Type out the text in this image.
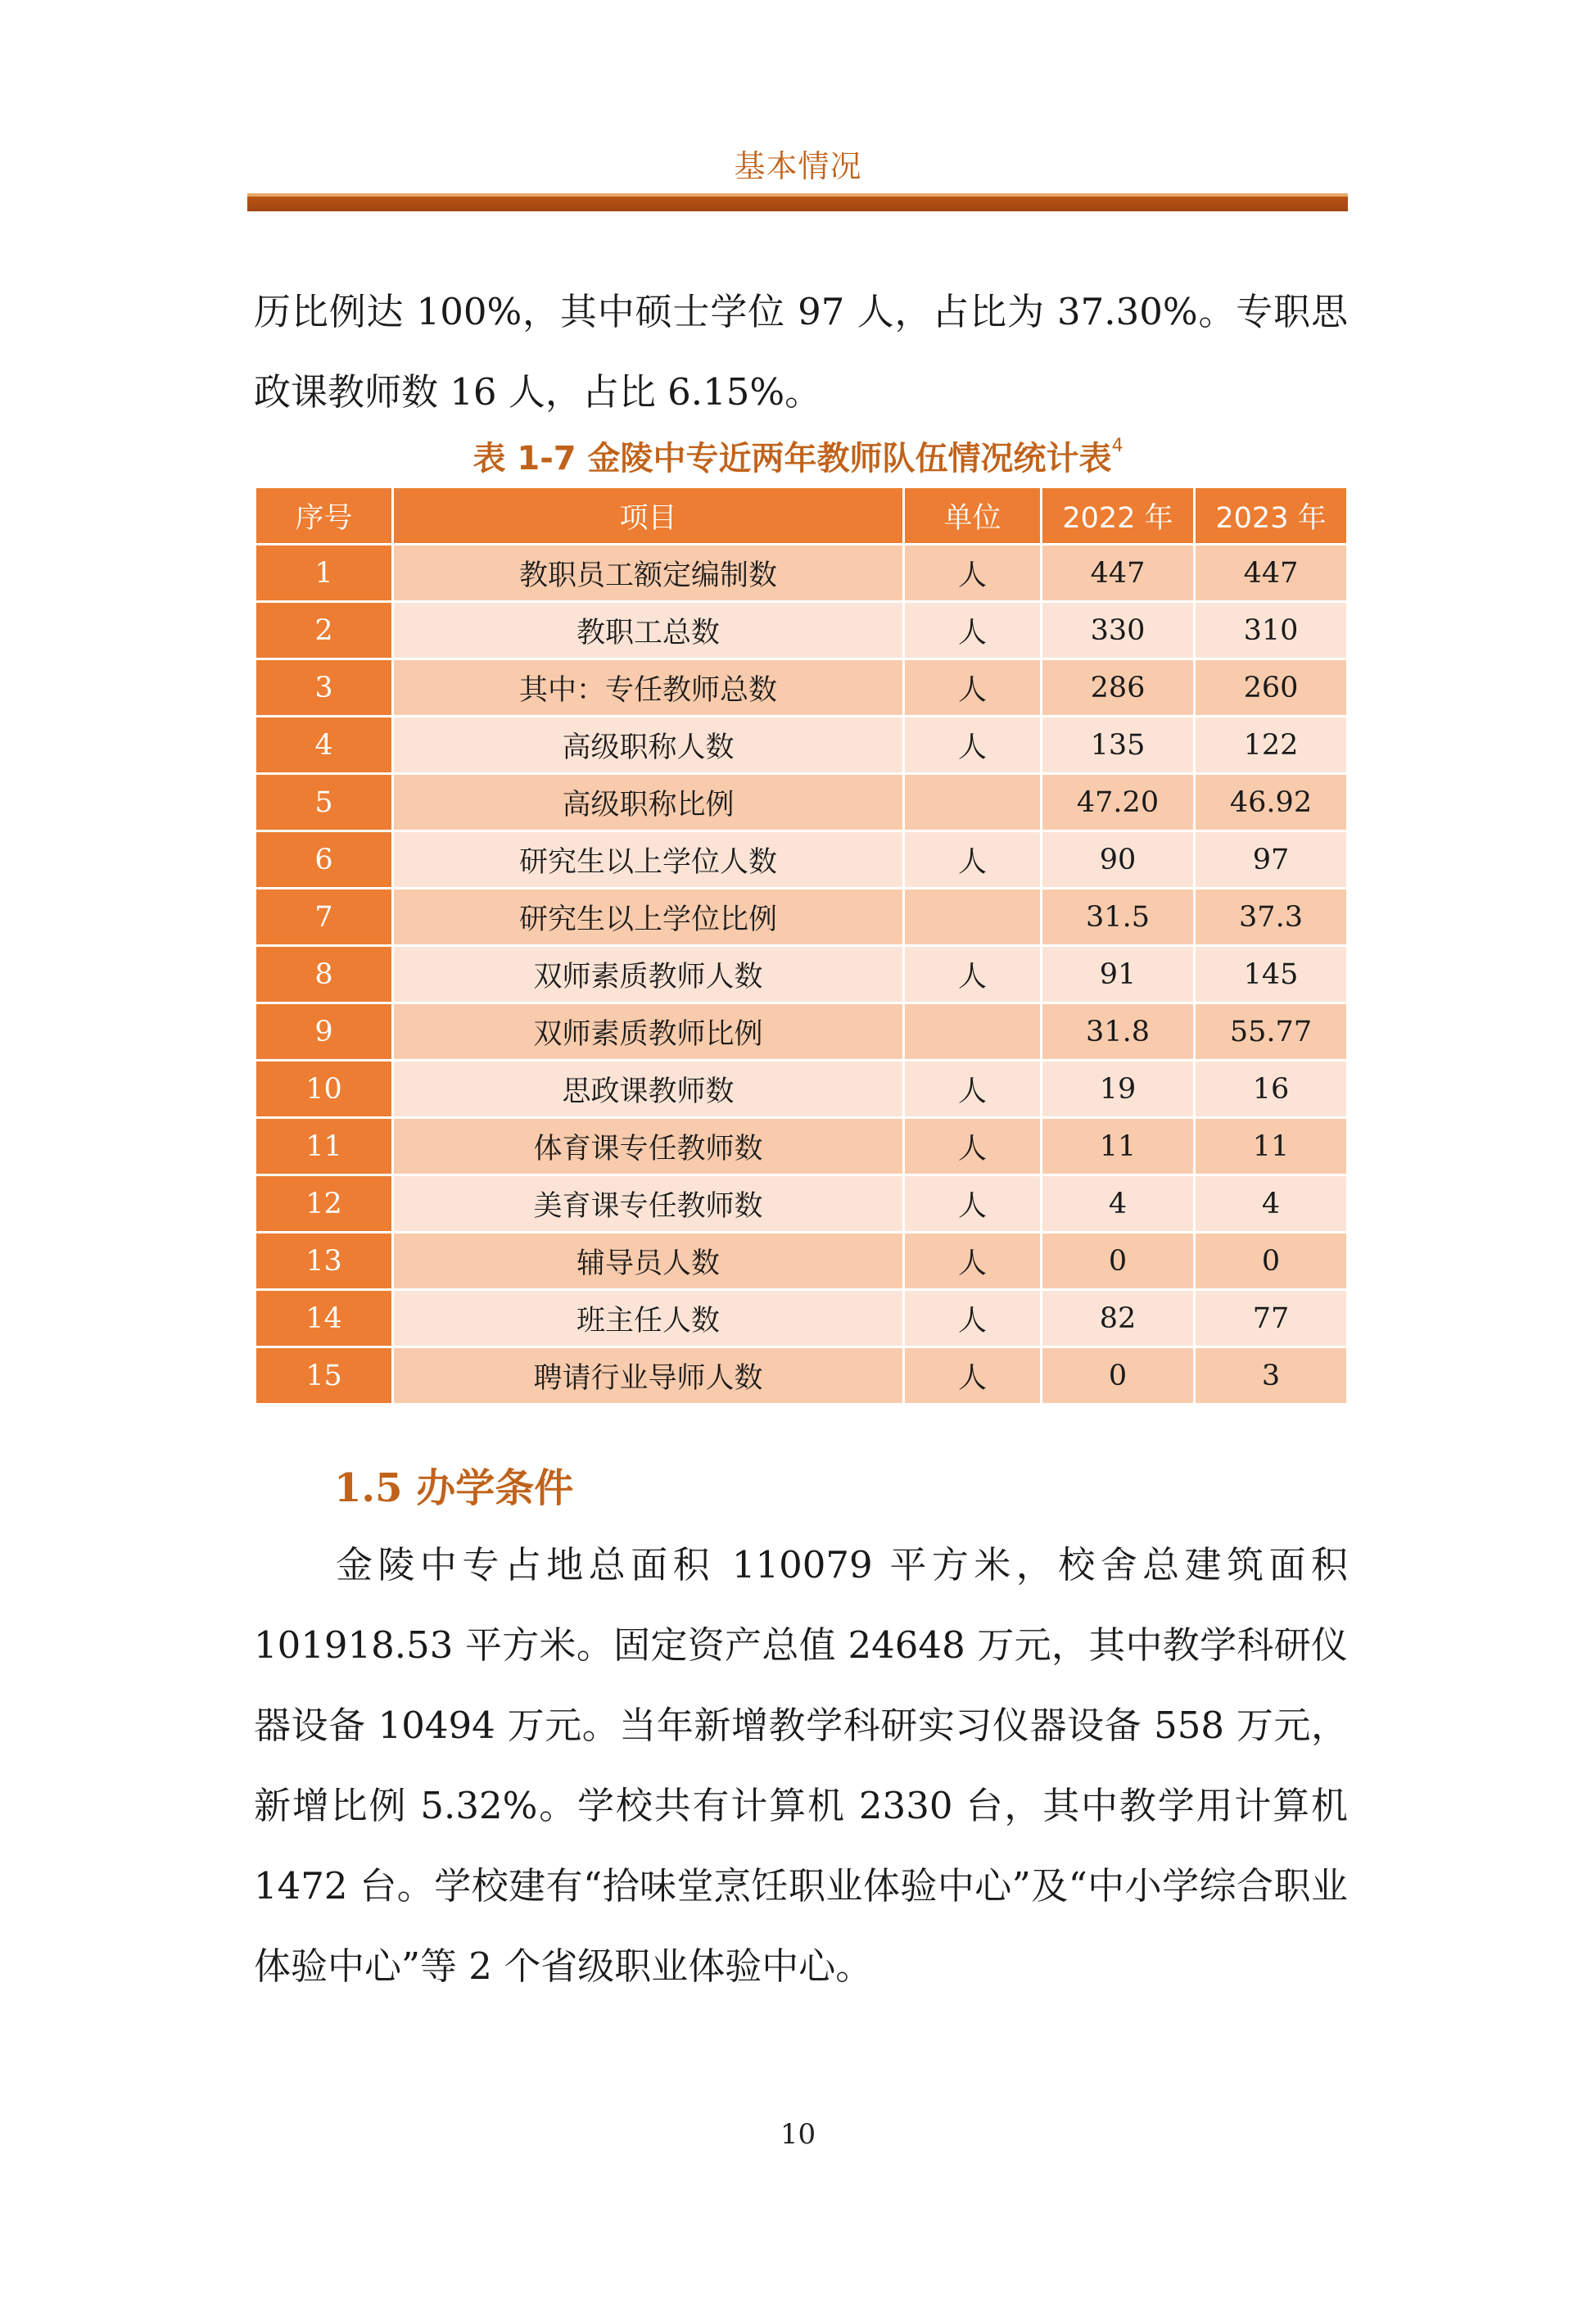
基本情况

历比例达 100%，其中硕士学位 97 人，占比为 37.30%。专职思政课教师数 16 人，占比 6.15%。

表 1-7 金陵中专近两年教师队伍情况统计表$^4$
序号	项目	单位	2022 年	2023 年
1	教职员工额定编制数	人	447	447
2	教职工总数	人	330	310
3	其中：专任教师总数	人	286	260
4	高级职称人数	人	135	122
5	高级职称比例		47.20	46.92
6	研究生以上学位人数	人	90	97
7	研究生以上学位比例		31.5	37.3
8	双师素质教师人数	人	91	145
9	双师素质教师比例		31.8	55.77
10	思政课教师数	人	19	16
11	体育课专任教师数	人	11	11
12	美育课专任教师数	人	4	4
13	辅导员人数	人	0	0
14	班主任人数	人	82	77
15	聘请行业导师人数	人	0	3
1.5 办学条件

金陵中专占地总面积 110079 平方米，校舍总建筑面积 101918.53 平方米。固定资产总值 24648 万元，其中教学科研仪器设备 10494 万元。当年新增教学科研实习仪器设备 558 万元，新增比例 5.32%。学校共有计算机 2330 台，其中教学用计算机 1472 台。学校建有“拾味堂烹饪职业体验中心”及“中小学综合职业体验中心”等 2 个省级职业体验中心。

10
